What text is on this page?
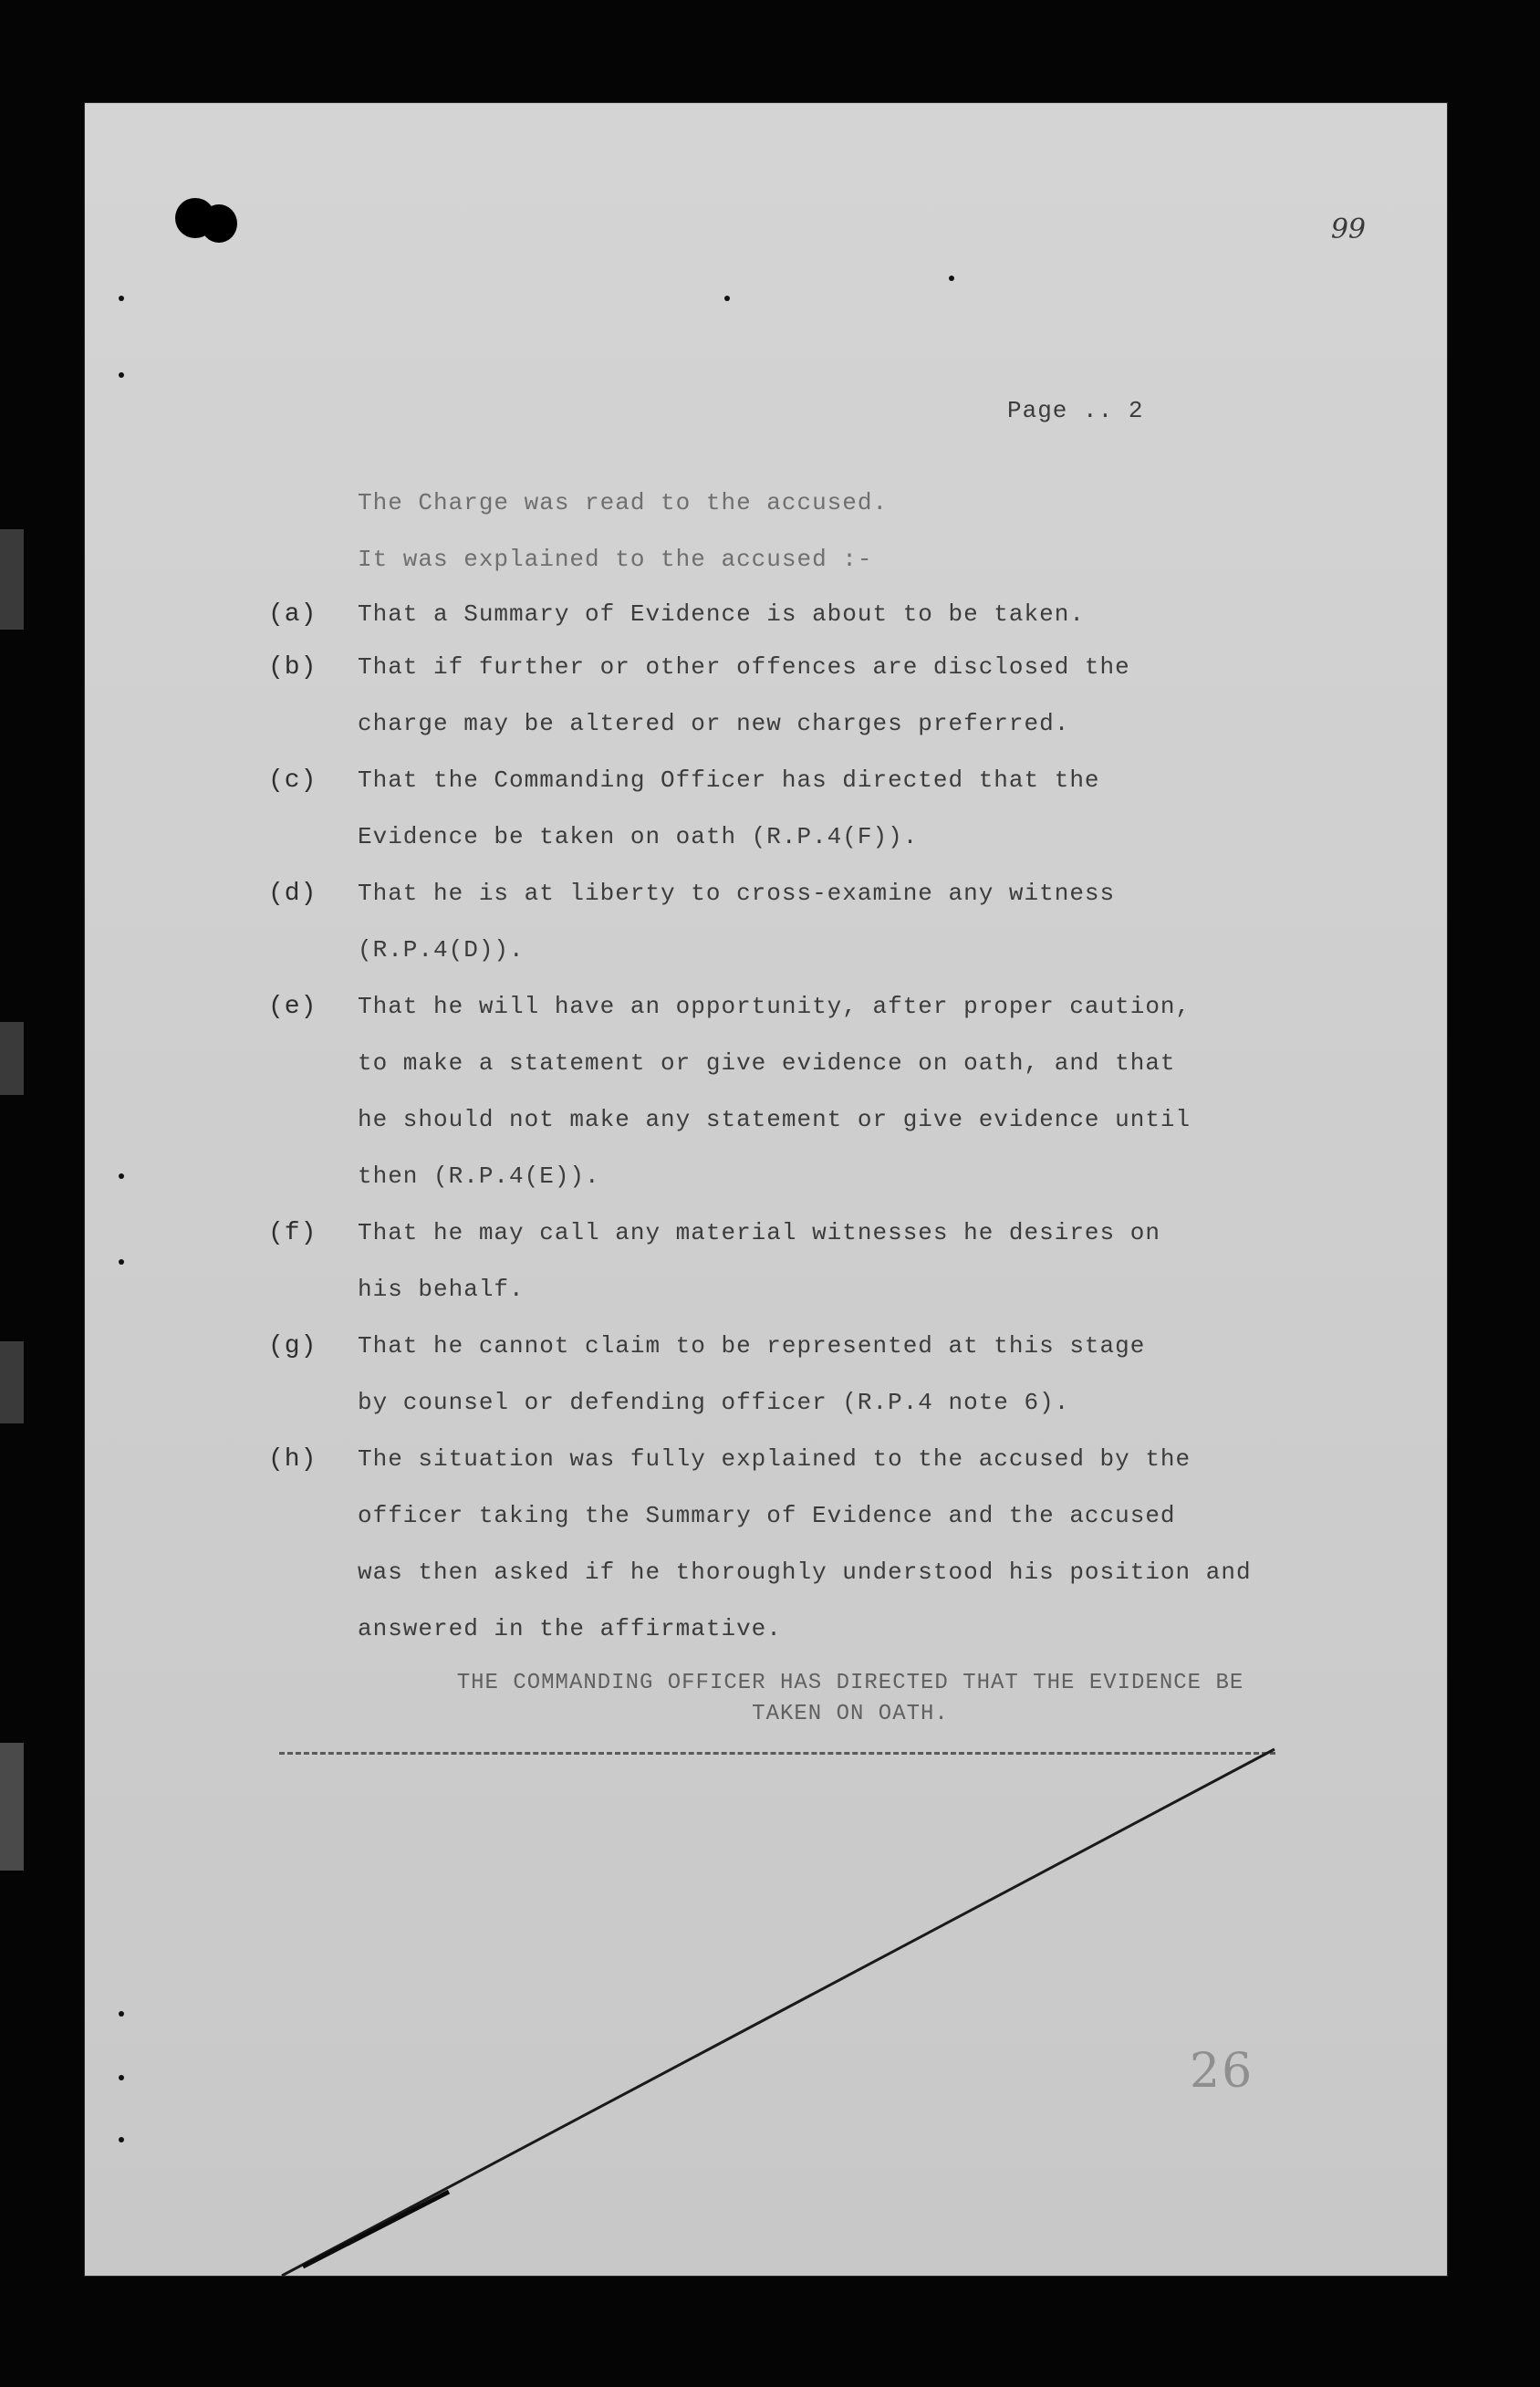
99
Page .. 2
The Charge was read to the accused.
It was explained to the accused :-
(a) That a Summary of Evidence is about to be taken.
(b) That if further or other offences are disclosed the
charge may be altered or new charges preferred.
(c) That the Commanding Officer has directed that the
Evidence be taken on oath (R.P.4(F)).
(d) That he is at liberty to cross-examine any witness
(R.P.4(D)).
(e) That he will have an opportunity, after proper caution,
to make a statement or give evidence on oath, and that
he should not make any statement or give evidence until
then (R.P.4(E)).
(f) That he may call any material witnesses he desires on
his behalf.
(g) That he cannot claim to be represented at this stage
by counsel or defending officer (R.P.4 note 6).
(h) The situation was fully explained to the accused by the
officer taking the Summary of Evidence and the accused
was then asked if he thoroughly understood his position and
answered in the affirmative.
THE COMMANDING OFFICER HAS DIRECTED THAT THE EVIDENCE BE
TAKEN ON OATH.
26
